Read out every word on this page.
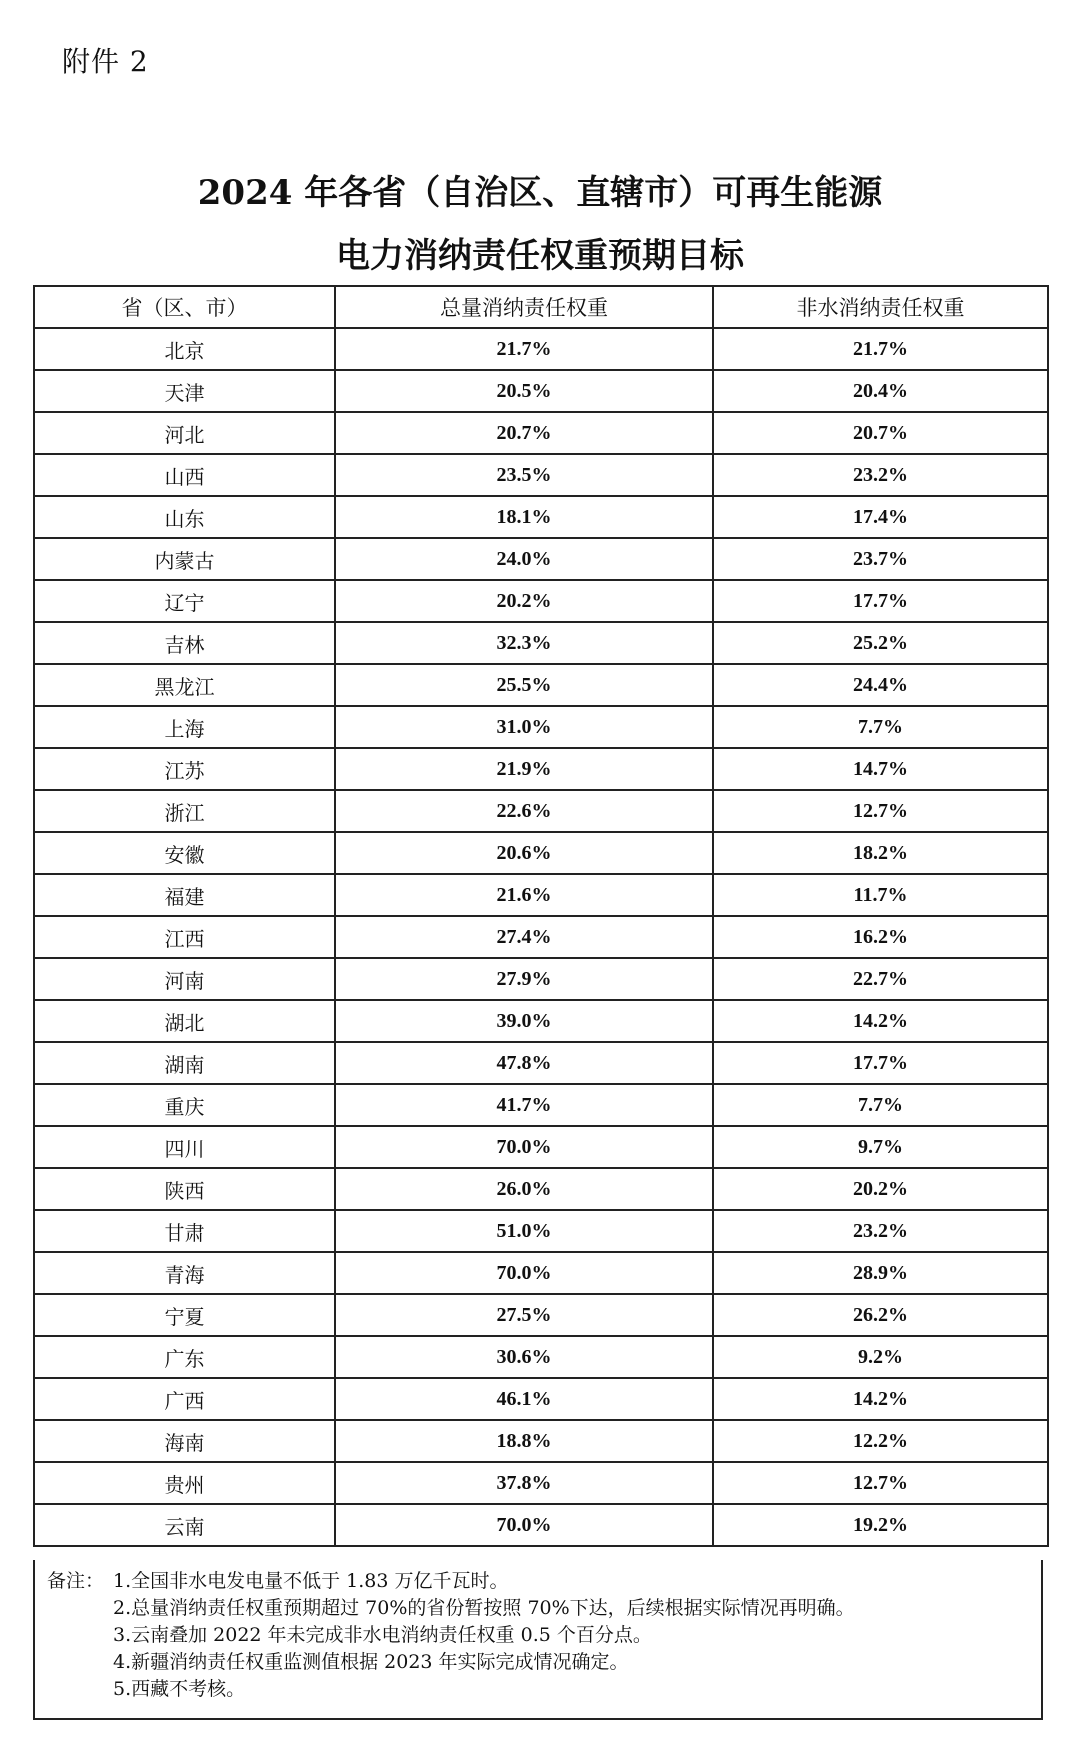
附件 2
2024 年各省（自治区、直辖市）可再生能源
电力消纳责任权重预期目标
省（区、市）	总量消纳责任权重	非水消纳责任权重
北京	21.7%	21.7%
天津	20.5%	20.4%
河北	20.7%	20.7%
山西	23.5%	23.2%
山东	18.1%	17.4%
内蒙古	24.0%	23.7%
辽宁	20.2%	17.7%
吉林	32.3%	25.2%
黑龙江	25.5%	24.4%
上海	31.0%	7.7%
江苏	21.9%	14.7%
浙江	22.6%	12.7%
安徽	20.6%	18.2%
福建	21.6%	11.7%
江西	27.4%	16.2%
河南	27.9%	22.7%
湖北	39.0%	14.2%
湖南	47.8%	17.7%
重庆	41.7%	7.7%
四川	70.0%	9.7%
陕西	26.0%	20.2%
甘肃	51.0%	23.2%
青海	70.0%	28.9%
宁夏	27.5%	26.2%
广东	30.6%	9.2%
广西	46.1%	14.2%
海南	18.8%	12.2%
贵州	37.8%	12.7%
云南	70.0%	19.2%
备注： 1.全国非水电发电量不低于 1.83 万亿千瓦时。
2.总量消纳责任权重预期超过 70%的省份暂按照 70%下达，后续根据实际情况再明确。
3.云南叠加 2022 年未完成非水电消纳责任权重 0.5 个百分点。
4.新疆消纳责任权重监测值根据 2023 年实际完成情况确定。
5.西藏不考核。
